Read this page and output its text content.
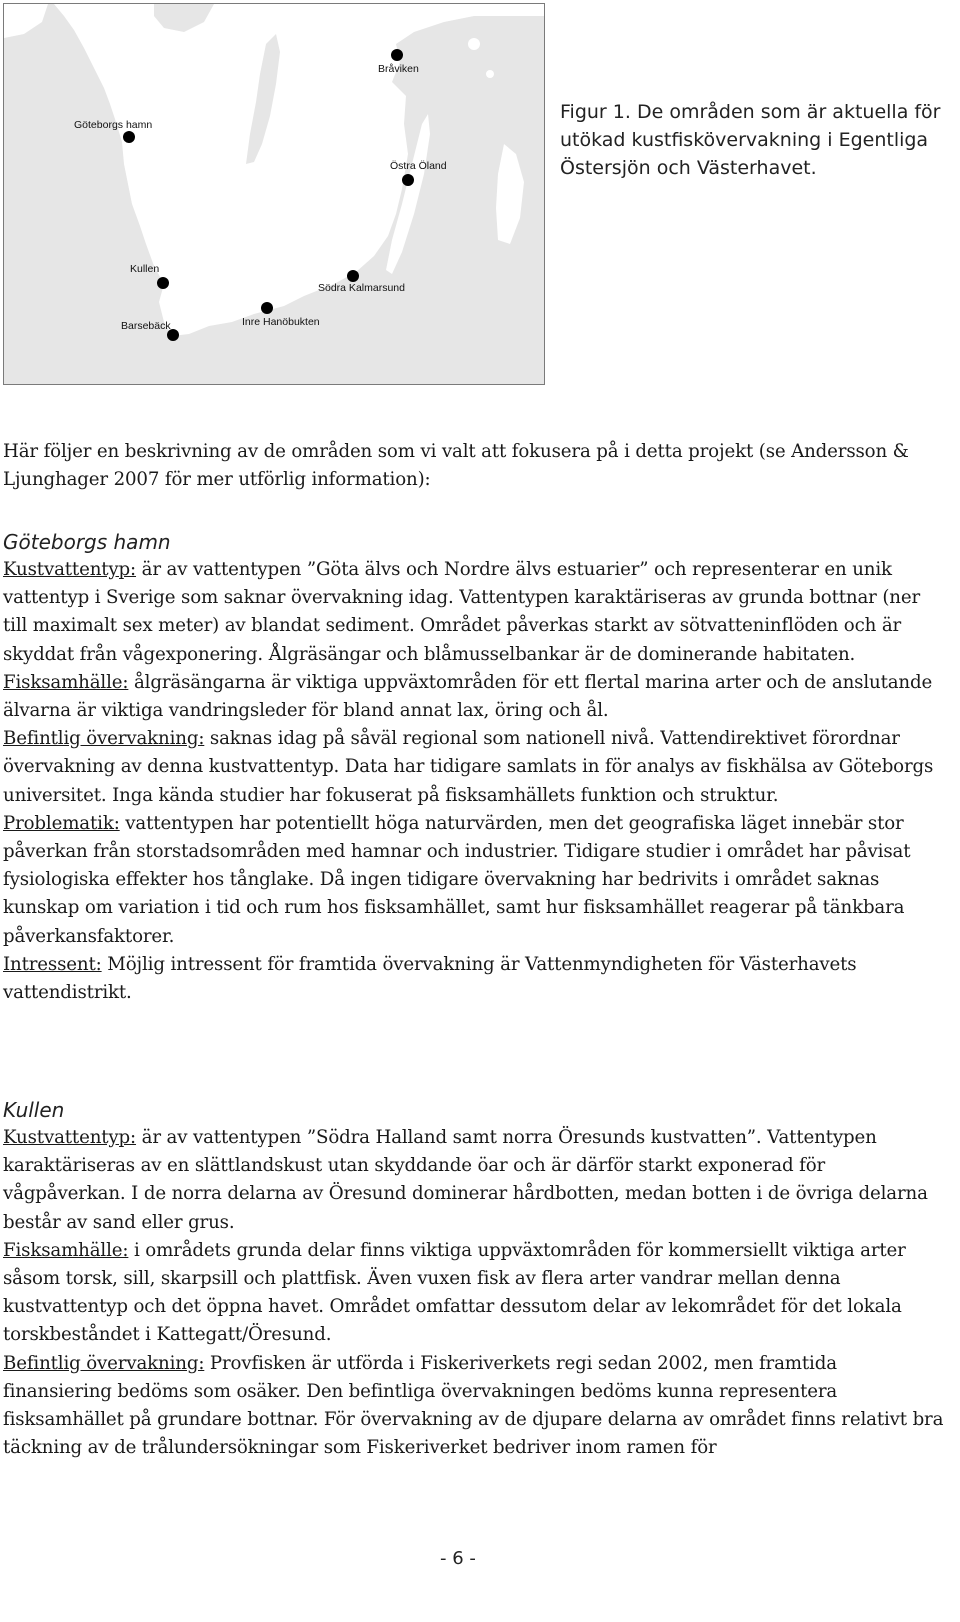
Bråviken
Göteborgs hamn
Östra Öland
Kullen
Södra Kalmarsund
Barsebäck	Inre Hanöbukten
Figur 1. De områden som är aktuella för utökad kustfiskövervakning i Egentliga Östersjön och Västerhavet.

Här följer en beskrivning av de områden som vi valt att fokusera på i detta projekt (se Andersson & Ljunghager 2007 för mer utförlig information):

Göteborgs hamn

Kustvattentyp: är av vattentypen ”Göta älvs och Nordre älvs estuarier” och representerar en unik vattentyp i Sverige som saknar övervakning idag. Vattentypen karaktäriseras av grunda bottnar (ner till maximalt sex meter) av blandat sediment. Området påverkas starkt av sötvatteninflöden och är skyddat från vågexponering. Ålgräsängar och blåmusselbankar är de dominerande habitaten.

Fisksamhälle: ålgräsängarna är viktiga uppväxtområden för ett flertal marina arter och de anslutande älvarna är viktiga vandringsleder för bland annat lax, öring och ål.

Befintlig övervakning: saknas idag på såväl regional som nationell nivå. Vattendirektivet förordnar övervakning av denna kustvattentyp. Data har tidigare samlats in för analys av fiskhälsa av Göteborgs universitet. Inga kända studier har fokuserat på fisksamhällets funktion och struktur.

Problematik: vattentypen har potentiellt höga naturvärden, men det geografiska läget innebär stor påverkan från storstadsområden med hamnar och industrier. Tidigare studier i området har påvisat fysiologiska effekter hos tånglake. Då ingen tidigare övervakning har bedrivits i området saknas kunskap om variation i tid och rum hos fisksamhället, samt hur fisksamhället reagerar på tänkbara påverkansfaktorer.

Intressent: Möjlig intressent för framtida övervakning är Vattenmyndigheten för Västerhavets vattendistrikt.

Kullen

Kustvattentyp: är av vattentypen ”Södra Halland samt norra Öresunds kustvatten”. Vattentypen karaktäriseras av en slättlandskust utan skyddande öar och är därför starkt exponerad för vågpåverkan. I de norra delarna av Öresund dominerar hårdbotten, medan botten i de övriga delarna består av sand eller grus.

Fisksamhälle: i områdets grunda delar finns viktiga uppväxtområden för kommersiellt viktiga arter såsom torsk, sill, skarpsill och plattfisk. Även vuxen fisk av flera arter vandrar mellan denna kustvattentyp och det öppna havet. Området omfattar dessutom delar av lekområdet för det lokala torskbeståndet i Kattegatt/Öresund.

Befintlig övervakning: Provfisken är utförda i Fiskeriverkets regi sedan 2002, men framtida finansiering bedöms som osäker. Den befintliga övervakningen bedöms kunna representera fisksamhället på grundare bottnar. För övervakning av de djupare delarna av området finns relativt bra täckning av de trålundersökningar som Fiskeriverket bedriver inom ramen för

- 6 -
